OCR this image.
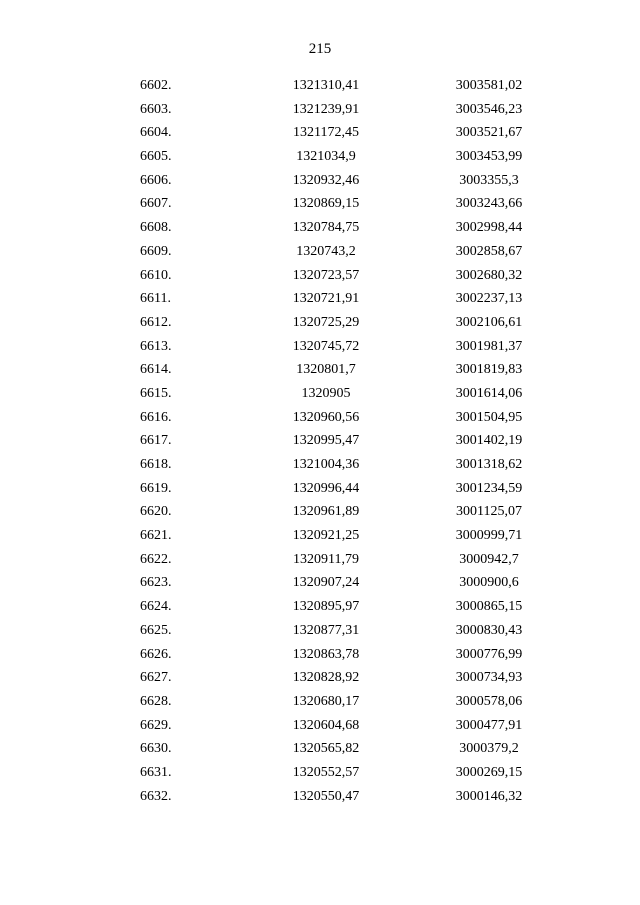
215
6602.	1321310,41	3003581,02
6603.	1321239,91	3003546,23
6604.	1321172,45	3003521,67
6605.	1321034,9	3003453,99
6606.	1320932,46	3003355,3
6607.	1320869,15	3003243,66
6608.	1320784,75	3002998,44
6609.	1320743,2	3002858,67
6610.	1320723,57	3002680,32
6611.	1320721,91	3002237,13
6612.	1320725,29	3002106,61
6613.	1320745,72	3001981,37
6614.	1320801,7	3001819,83
6615.	1320905	3001614,06
6616.	1320960,56	3001504,95
6617.	1320995,47	3001402,19
6618.	1321004,36	3001318,62
6619.	1320996,44	3001234,59
6620.	1320961,89	3001125,07
6621.	1320921,25	3000999,71
6622.	1320911,79	3000942,7
6623.	1320907,24	3000900,6
6624.	1320895,97	3000865,15
6625.	1320877,31	3000830,43
6626.	1320863,78	3000776,99
6627.	1320828,92	3000734,93
6628.	1320680,17	3000578,06
6629.	1320604,68	3000477,91
6630.	1320565,82	3000379,2
6631.	1320552,57	3000269,15
6632.	1320550,47	3000146,32
